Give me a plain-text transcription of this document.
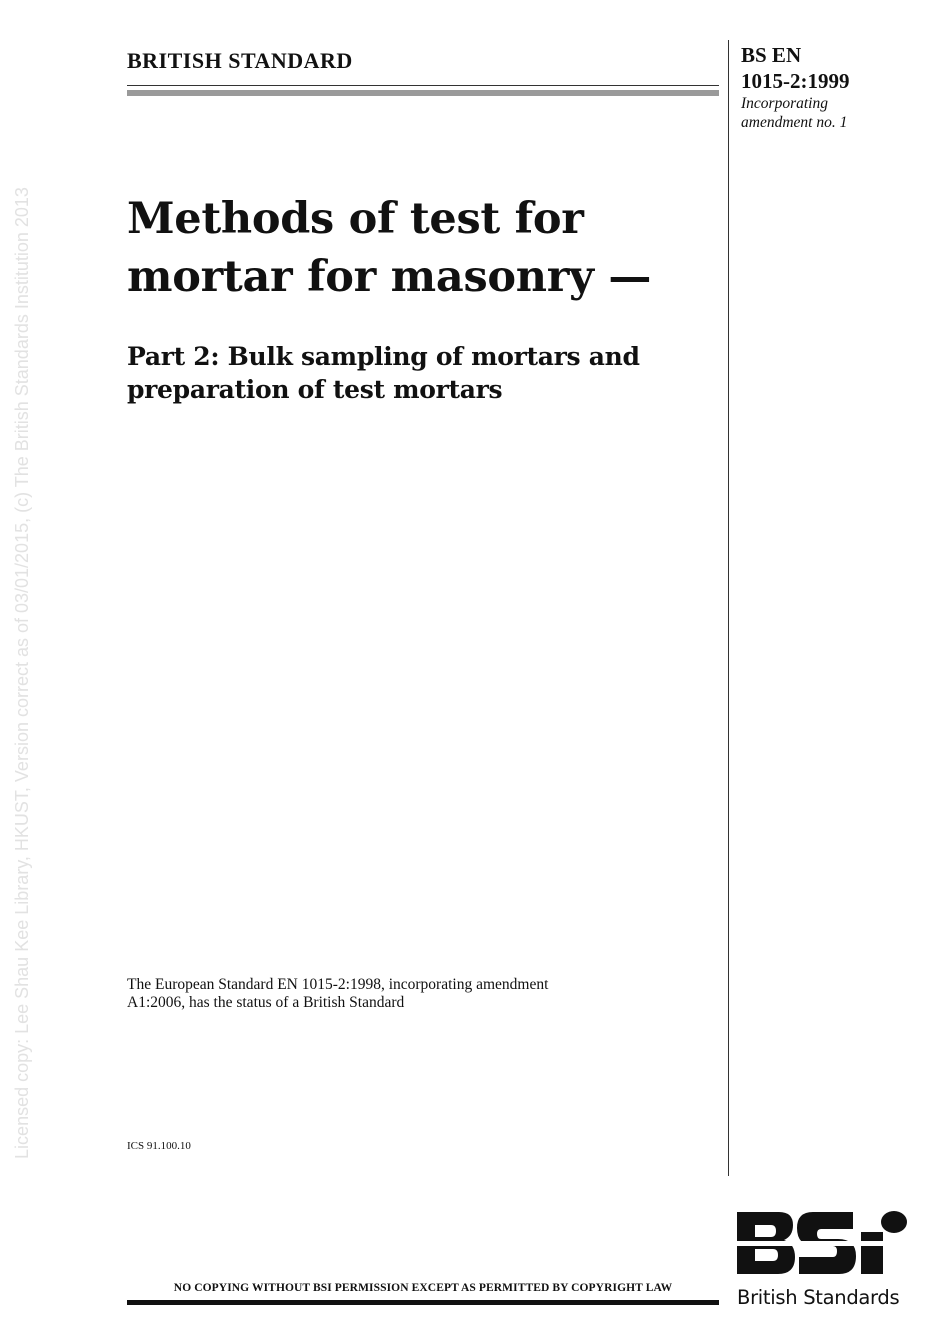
Licensed copy: Lee Shau Kee Library, HKUST, Version correct as of 03/01/2015, (c) The British Standards Institution 2013
BRITISH STANDARD	BS EN
1015-2:1999
Incorporating
amendment no. 1
Methods of test for
mortar for masonry —
Part 2: Bulk sampling of mortars and
preparation of test mortars
The European Standard EN 1015-2:1998, incorporating amendment
A1:2006, has the status of a British Standard
ICS 91.100.10
NO COPYING WITHOUT BSI PERMISSION EXCEPT AS PERMITTED BY COPYRIGHT LAW	British Standards
